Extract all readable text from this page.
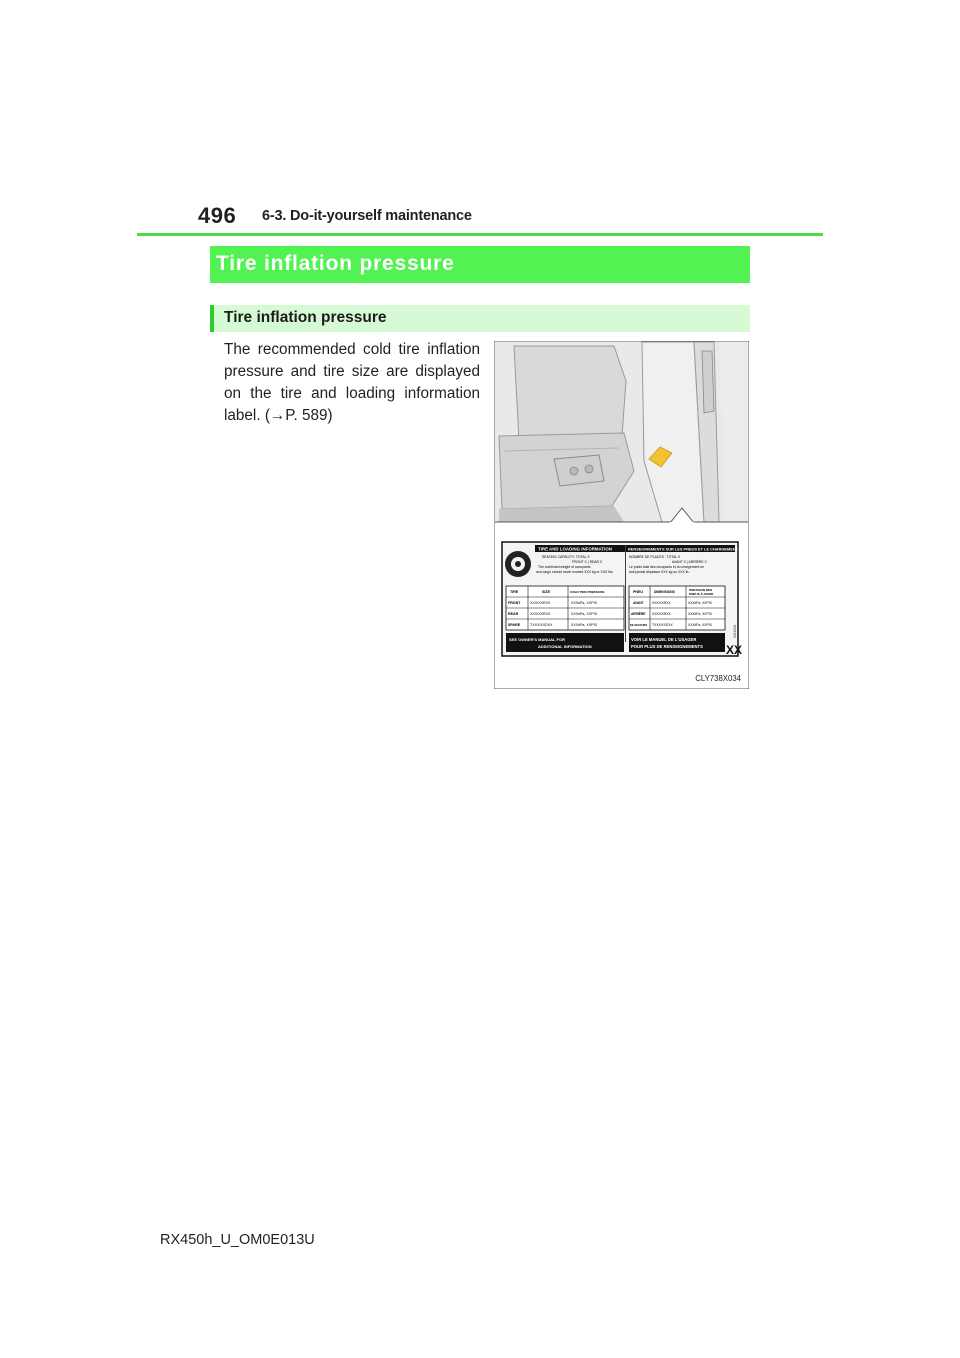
496 6-3. Do-it-yourself maintenance
Tire inflation pressure
Tire inflation pressure

The recommended cold tire inflation pressure and tire size are displayed on the tire and loading information label. (→P. 589)

TIRE AND LOADING INFORMATION
SEATING CAPACITY: TOTAL X
FRONT X | REAR X
The combined weight of occupants
and cargo should never exceed XXX kg or XXX lbs.
RENSEIGNEMENTS SUR LES PNEUS ET LE CHARGEMENT
NOMBRE DE PLACES : TOTAL X
AVANT X | ARRIÈRE X
Le poids total des occupants et du chargement ne
doit jamais dépasser XXX kg ou XXX lb.
TIRE	SIZE	COLD TIRE PRESSURE
FRONT	XXX/XXRXX	XXXkPa, XXPSI
REAR	XXX/XXRXX	XXXkPa, XXPSI
SPARE	TXXX/XXDXX	XXXkPa, XXPSI
PNEU	DIMENSIONS	PRESSION DES
PNEUS À FROID
AVANT	XXX/XXRXX	XXXkPa, XXPSI
ARRIÈRE XXX/XXRXX	XXXkPa, XXPSI
DE SECOURS TXXX/XXDXX	XXXkPa, XXPSI
SEE OWNER'S MANUAL FOR
ADDITIONAL INFORMATION
VOIR LE MANUEL DE L'USAGER
POUR PLUS DE RENSEIGNEMENTS XX
XXXXX
CLY738X034
RX450h_U_OM0E013U
